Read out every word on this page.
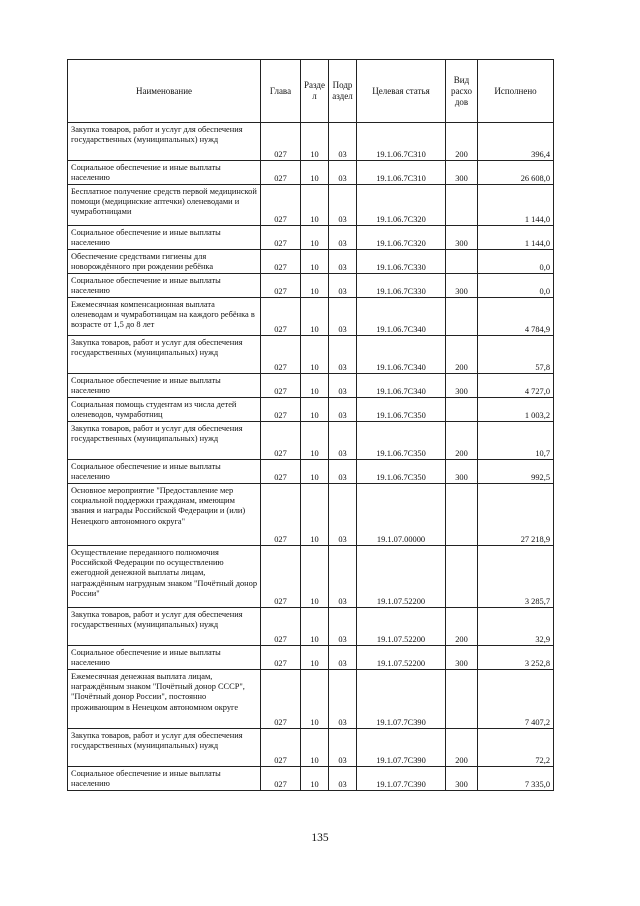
Наименование	Глава	Разде л	Подр аздел	Целевая статья	Вид расхо дов	Исполнено
Закупка товаров, работ и услуг для обеспечения государственных (муниципальных) нужд	027	10	03	19.1.06.7С310	200	396,4
Социальное обеспечение и иные выплаты населению	027	10	03	19.1.06.7С310	300	26 608,0
Бесплатное получение средств первой медицинской помощи (медицинские аптечки) оленеводами и чумработницами	027	10	03	19.1.06.7С320		1 144,0
Социальное обеспечение и иные выплаты населению	027	10	03	19.1.06.7С320	300	1 144,0
Обеспечение средствами гигиены для новорождённого при рождении ребёнка	027	10	03	19.1.06.7С330		0,0
Социальное обеспечение и иные выплаты населению	027	10	03	19.1.06.7С330	300	0,0
Ежемесячная компенсационная выплата оленеводам и чумработницам на каждого ребёнка в возрасте от 1,5 до 8 лет	027	10	03	19.1.06.7С340		4 784,9
Закупка товаров, работ и услуг для обеспечения государственных (муниципальных) нужд	027	10	03	19.1.06.7С340	200	57,8
Социальное обеспечение и иные выплаты населению	027	10	03	19.1.06.7С340	300	4 727,0
Социальная помощь студентам из числа детей оленеводов, чумработниц	027	10	03	19.1.06.7С350		1 003,2
Закупка товаров, работ и услуг для обеспечения государственных (муниципальных) нужд	027	10	03	19.1.06.7С350	200	10,7
Социальное обеспечение и иные выплаты населению	027	10	03	19.1.06.7С350	300	992,5
Основное мероприятие "Предоставление мер социальной поддержки гражданам, имеющим звания и награды Российской Федерации и (или) Ненецкого автономного округа"	027	10	03	19.1.07.00000		27 218,9
Осуществление переданного полномочия Российской Федерации по осуществлению ежегодной денежной выплаты лицам, награждённым нагрудным знаком "Почётный донор России"	027	10	03	19.1.07.52200		3 285,7
Закупка товаров, работ и услуг для обеспечения государственных (муниципальных) нужд	027	10	03	19.1.07.52200	200	32,9
Социальное обеспечение и иные выплаты населению	027	10	03	19.1.07.52200	300	3 252,8
Ежемесячная денежная выплата лицам, награждённым знаком "Почётный донор СССР", "Почётный донор России", постоянно проживающим в Ненецком автономном округе	027	10	03	19.1.07.7С390		7 407,2
Закупка товаров, работ и услуг для обеспечения государственных (муниципальных) нужд	027	10	03	19.1.07.7С390	200	72,2
Социальное обеспечение и иные выплаты населению	027	10	03	19.1.07.7С390	300	7 335,0
135
